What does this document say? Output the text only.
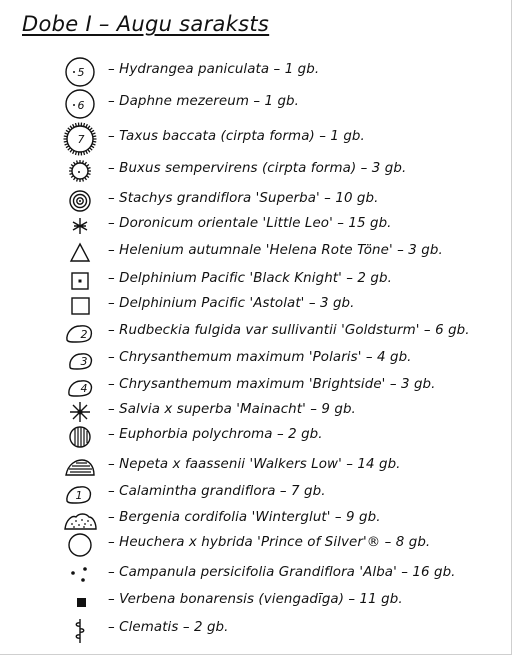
Dobe I – Augu saraksts
5 – Hydrangea paniculata – 1 gb.
6 – Daphne mezereum – 1 gb.
7 – Taxus baccata (cirpta forma) – 1 gb.
– Buxus sempervirens (cirpta forma) – 3 gb.
– Stachys grandiflora 'Superba' – 10 gb.
– Doronicum orientale 'Little Leo' – 15 gb.
– Helenium autumnale 'Helena Rote Töne' – 3 gb.
– Delphinium Pacific 'Black Knight' – 2 gb.
– Delphinium Pacific 'Astolat' – 3 gb.
2 – Rudbeckia fulgida var sullivantii 'Goldsturm' – 6 gb.
3 – Chrysanthemum maximum 'Polaris' – 4 gb.
4 – Chrysanthemum maximum 'Brightside' – 3 gb.
– Salvia x superba 'Mainacht' – 9 gb.
– Euphorbia polychroma – 2 gb.
– Nepeta x faassenii 'Walkers Low' – 14 gb.
1 – Calamintha grandiflora – 7 gb.
– Bergenia cordifolia 'Winterglut' – 9 gb.
– Heuchera x hybrida 'Prince of Silver'® – 8 gb.
– Campanula persicifolia Grandiflora 'Alba' – 16 gb.
– Verbena bonarensis (viengadīga) – 11 gb.
– Clematis – 2 gb.
